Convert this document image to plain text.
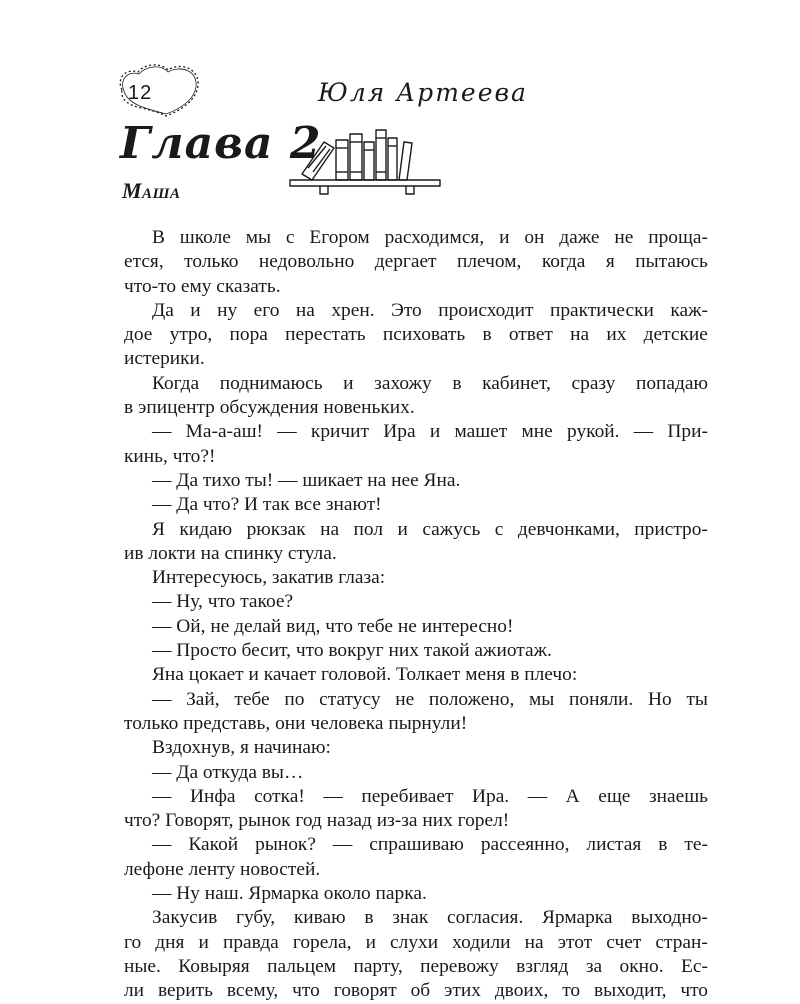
12	Юля Артеева
Глава 2
Маша
В школе мы с Егором расходимся, и он даже не проща-
ется, только недовольно дергает плечом, когда я пытаюсь
что-то ему сказать.
Да и ну его на хрен. Это происходит практически каж-
дое утро, пора перестать психовать в ответ на их детские
истерики.
Когда поднимаюсь и захожу в кабинет, сразу попадаю
в эпицентр обсуждения новеньких.
— Ма-а-аш! — кричит Ира и машет мне рукой. — При-
кинь, что?!
— Да тихо ты! — шикает на нее Яна.
— Да что? И так все знают!
Я кидаю рюкзак на пол и сажусь с девчонками, пристро-
ив локти на спинку стула.
Интересуюсь, закатив глаза:
— Ну, что такое?
— Ой, не делай вид, что тебе не интересно!
— Просто бесит, что вокруг них такой ажиотаж.
Яна цокает и качает головой. Толкает меня в плечо:
— Зай, тебе по статусу не положено, мы поняли. Но ты
только представь, они человека пырнули!
Вздохнув, я начинаю:
— Да откуда вы…
— Инфа сотка! — перебивает Ира. — А еще знаешь
что? Говорят, рынок год назад из-за них горел!
— Какой рынок? — спрашиваю рассеянно, листая в те-
лефоне ленту новостей.
— Ну наш. Ярмарка около парка.
Закусив губу, киваю в знак согласия. Ярмарка выходно-
го дня и правда горела, и слухи ходили на этот счет стран-
ные. Ковыряя пальцем парту, перевожу взгляд за окно. Ес-
ли верить всему, что говорят об этих двоих, то выходит, что
